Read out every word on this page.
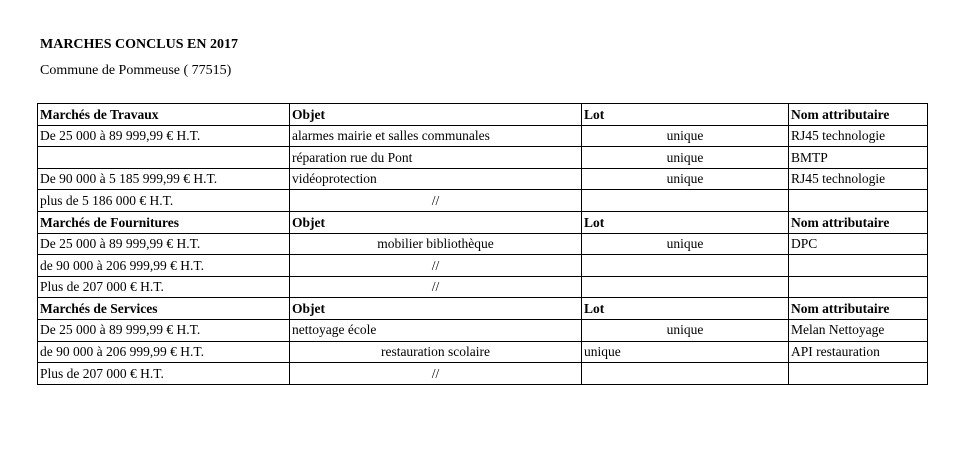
MARCHES CONCLUS EN 2017
Commune de Pommeuse ( 77515)
Marchés de Travaux	Objet	Lot	Nom attributaire
De 25 000 à 89 999,99 € H.T.	alarmes mairie et salles communales	unique	RJ45 technologie
	réparation rue du Pont	unique	BMTP
De 90 000 à 5 185 999,99 € H.T.	vidéoprotection	unique	RJ45 technologie
plus de 5 186 000 € H.T.	//		
Marchés de Fournitures	Objet	Lot	Nom attributaire
De 25 000 à 89 999,99 € H.T.	mobilier bibliothèque	unique	DPC
de 90 000 à 206 999,99 € H.T.	//		
Plus de 207 000 € H.T.	//		
Marchés de Services	Objet	Lot	Nom attributaire
De 25 000 à 89 999,99 € H.T.	nettoyage école	unique	Melan Nettoyage
de 90 000 à 206 999,99 € H.T.	restauration scolaire	unique	API restauration
Plus de 207 000 € H.T.	//		
